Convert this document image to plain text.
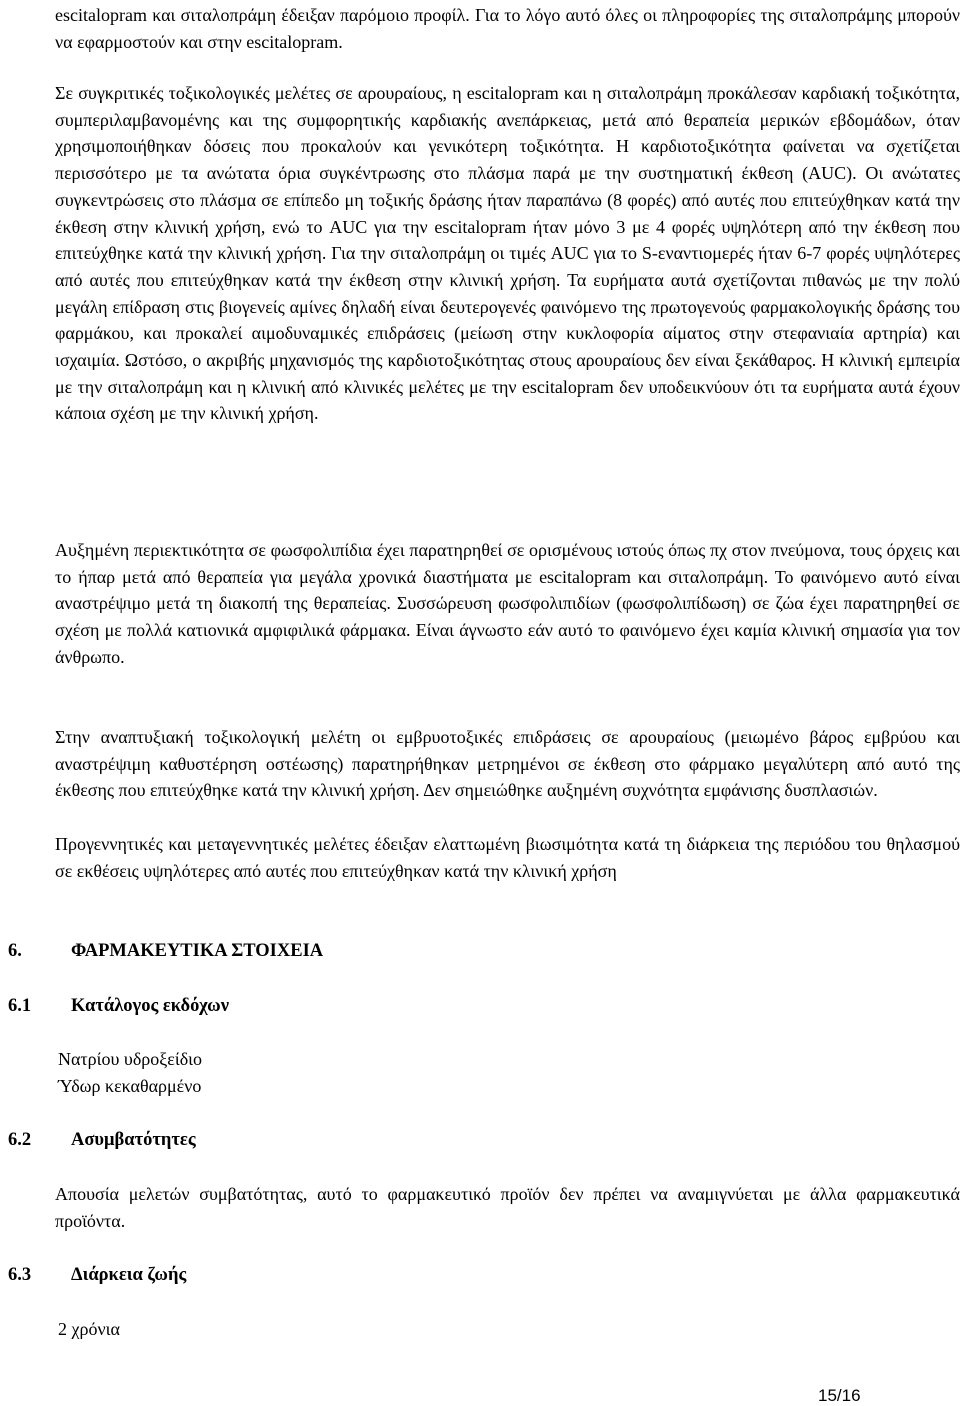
escitalopram και σιταλοπράμη έδειξαν παρόμοιο προφίλ. Για το λόγο αυτό όλες οι πληροφορίες της σιταλοπράμης μπορούν να εφαρμοστούν και στην escitalopram.

Σε συγκριτικές τοξικολογικές μελέτες σε αρουραίους, η escitalopram και η σιταλοπράμη προκάλεσαν καρδιακή τοξικότητα, συμπεριλαμβανομένης και της συμφορητικής καρδιακής ανεπάρκειας, μετά από θεραπεία μερικών εβδομάδων, όταν χρησιμοποιήθηκαν δόσεις που προκαλούν και γενικότερη τοξικότητα. Η καρδιοτοξικότητα φαίνεται να σχετίζεται περισσότερο με τα ανώτατα όρια συγκέντρωσης στο πλάσμα παρά με την συστηματική έκθεση (AUC). Οι ανώτατες συγκεντρώσεις στο πλάσμα σε επίπεδο μη τοξικής δράσης ήταν παραπάνω (8 φορές) από αυτές που επιτεύχθηκαν κατά την έκθεση στην κλινική χρήση, ενώ το AUC για την escitalopram ήταν μόνο 3 με 4 φορές υψηλότερη από την έκθεση που επιτεύχθηκε κατά την κλινική χρήση. Για την σιταλοπράμη οι τιμές AUC για το S-εναντιομερές ήταν 6-7 φορές υψηλότερες από αυτές που επιτεύχθηκαν κατά την έκθεση στην κλινική χρήση. Τα ευρήματα αυτά σχετίζονται πιθανώς με την πολύ μεγάλη επίδραση στις βιογενείς αμίνες δηλαδή είναι δευτερογενές φαινόμενο της πρωτογενούς φαρμακολογικής δράσης του φαρμάκου, και προκαλεί αιμοδυναμικές επιδράσεις (μείωση στην κυκλοφορία αίματος στην στεφανιαία αρτηρία) και ισχαιμία. Ωστόσο, ο ακριβής μηχανισμός της καρδιοτοξικότητας στους αρουραίους δεν είναι ξεκάθαρος. Η κλινική εμπειρία με την σιταλοπράμη και η κλινική από κλινικές μελέτες με την escitalopram δεν υποδεικνύουν ότι τα ευρήματα αυτά έχουν κάποια σχέση με την κλινική χρήση.

Αυξημένη περιεκτικότητα σε φωσφολιπίδια έχει παρατηρηθεί σε ορισμένους ιστούς όπως πχ στον πνεύμονα, τους όρχεις και το ήπαρ μετά από θεραπεία για μεγάλα χρονικά διαστήματα με escitalopram και σιταλοπράμη. Το φαινόμενο αυτό είναι αναστρέψιμο μετά τη διακοπή της θεραπείας. Συσσώρευση φωσφολιπιδίων (φωσφολιπίδωση) σε ζώα έχει παρατηρηθεί σε σχέση με πολλά κατιονικά αμφιφιλικά φάρμακα. Είναι άγνωστο εάν αυτό το φαινόμενο έχει καμία κλινική σημασία για τον άνθρωπο.

Στην αναπτυξιακή τοξικολογική μελέτη οι εμβρυοτοξικές επιδράσεις σε αρουραίους (μειωμένο βάρος εμβρύου και αναστρέψιμη καθυστέρηση οστέωσης) παρατηρήθηκαν μετρημένοι σε έκθεση στο φάρμακο μεγαλύτερη από αυτό της έκθεσης που επιτεύχθηκε κατά την κλινική χρήση. Δεν σημειώθηκε αυξημένη συχνότητα εμφάνισης δυσπλασιών.

Προγεννητικές και μεταγεννητικές μελέτες έδειξαν ελαττωμένη βιωσιμότητα κατά τη διάρκεια της περιόδου του θηλασμού σε εκθέσεις υψηλότερες από αυτές που επιτεύχθηκαν κατά την κλινική χρήση

6.	ΦΑΡΜΑΚΕΥΤΙΚΑ ΣΤΟΙΧΕΙΑ
6.1 Κατάλογος εκδόχων

Νατρίου υδροξείδιο

Ύδωρ κεκαθαρμένο

6.2 Ασυμβατότητες

Απουσία μελετών συμβατότητας, αυτό το φαρμακευτικό προϊόν δεν πρέπει να αναμιγνύεται με άλλα φαρμακευτικά προϊόντα.

6.3 Διάρκεια ζωής

2 χρόνια

15/16
